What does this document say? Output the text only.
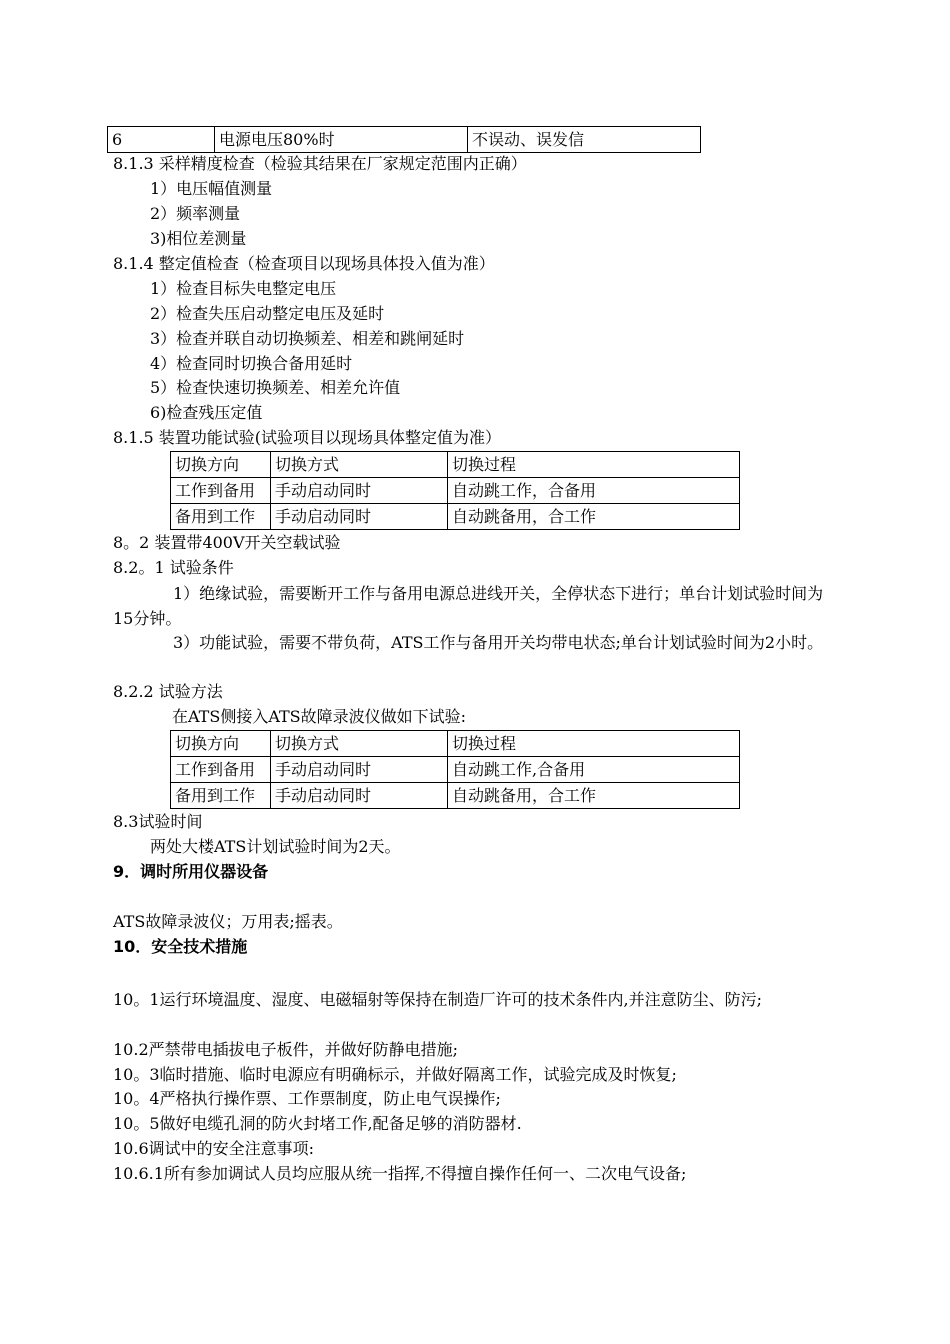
6	电源电压80%时	不误动、误发信
8.1.3 采样精度检查（检验其结果在厂家规定范围内正确）
1）电压幅值测量
2）频率测量
3)相位差测量
8.1.4 整定值检查（检查项目以现场具体投入值为准）
1）检查目标失电整定电压
2）检查失压启动整定电压及延时
3）检查并联自动切换频差、相差和跳闸延时
4）检查同时切换合备用延时
5）检查快速切换频差、相差允许值
6)检查残压定值
8.1.5 装置功能试验(试验项目以现场具体整定值为准）
切换方向	切换方式	切换过程
工作到备用	手动启动同时	自动跳工作，合备用
备用到工作	手动启动同时	自动跳备用，合工作
8。2 装置带400V开关空载试验
8.2。1 试验条件
1）绝缘试验，需要断开工作与备用电源总进线开关，全停状态下进行；单台计划试验时间为15分钟。
3）功能试验，需要不带负荷，ATS工作与备用开关均带电状态;单台计划试验时间为2小时。
8.2.2 试验方法
在ATS侧接入ATS故障录波仪做如下试验:
切换方向	切换方式	切换过程
工作到备用	手动启动同时	自动跳工作,合备用
备用到工作	手动启动同时	自动跳备用，合工作
8.3试验时间
两处大楼ATS计划试验时间为2天。
9．调时所用仪器设备
ATS故障录波仪；万用表;摇表。
10．安全技术措施
10。1运行环境温度、湿度、电磁辐射等保持在制造厂许可的技术条件内,并注意防尘、防污;
10.2严禁带电插拔电子板件，并做好防静电措施;
10。3临时措施、临时电源应有明确标示，并做好隔离工作，试验完成及时恢复;
10。4严格执行操作票、工作票制度，防止电气误操作;
10。5做好电缆孔洞的防火封堵工作,配备足够的消防器材.
10.6调试中的安全注意事项:
10.6.1所有参加调试人员均应服从统一指挥,不得擅自操作任何一、二次电气设备;
